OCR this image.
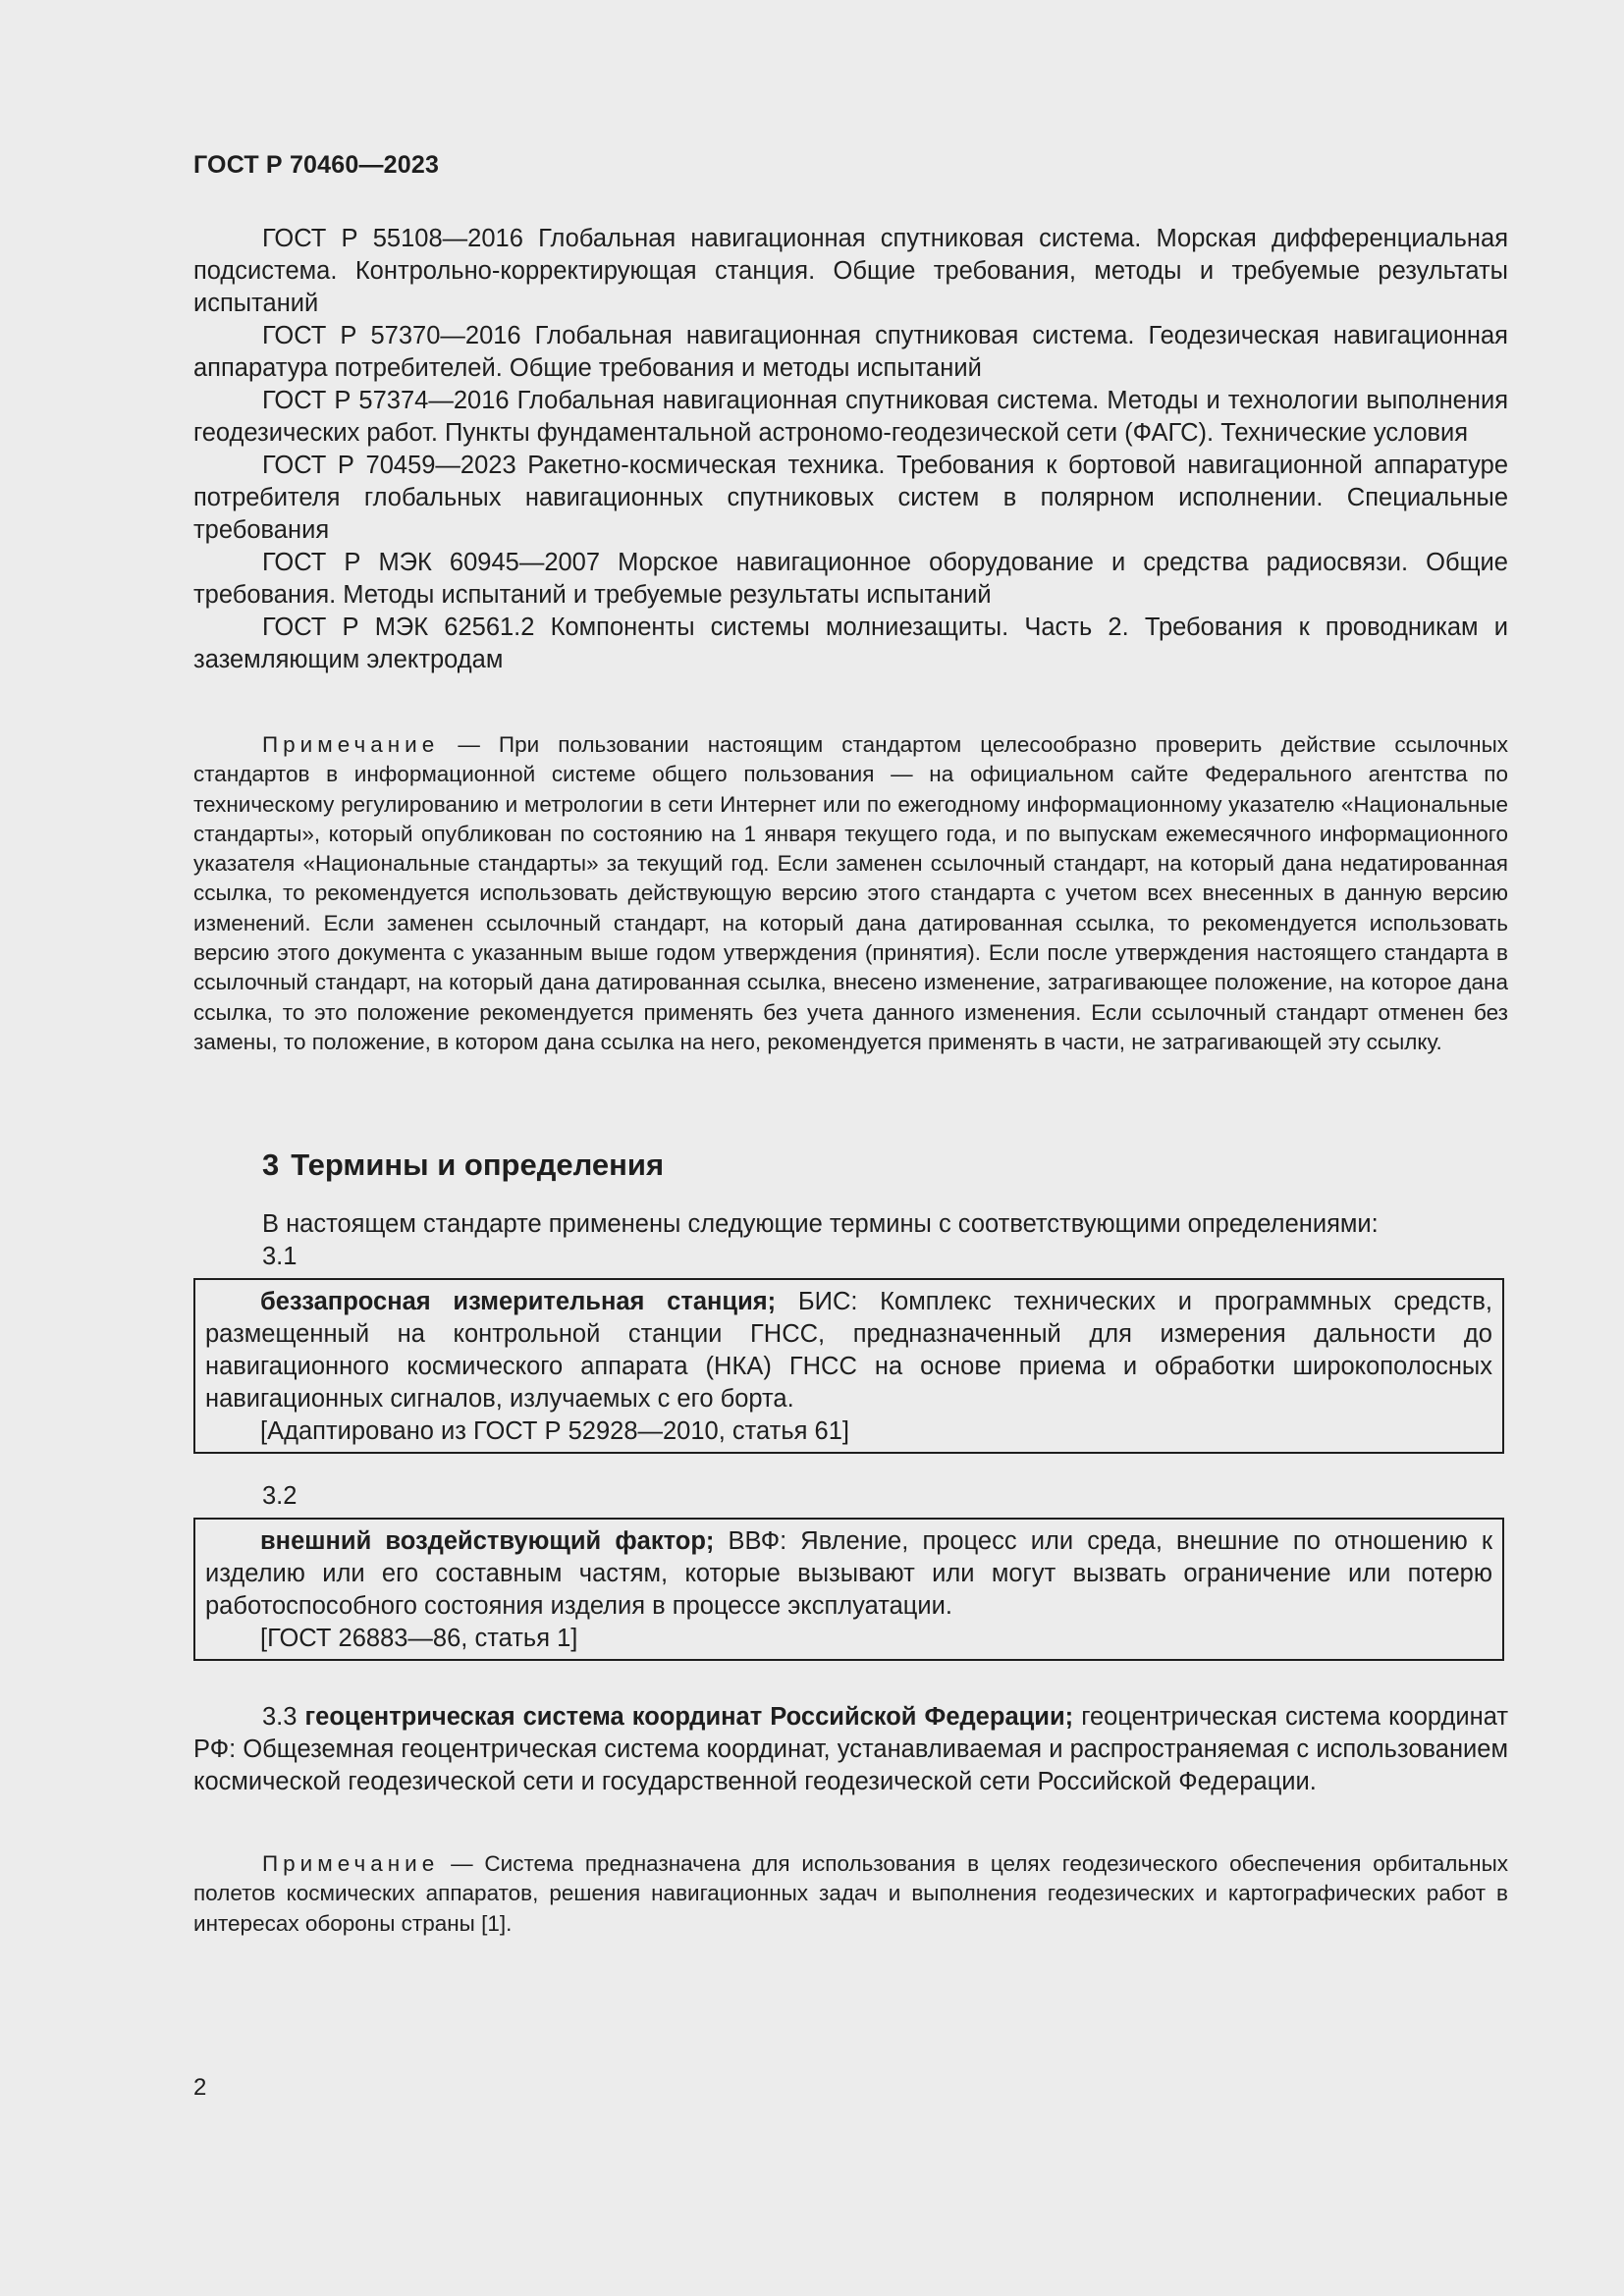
ГОСТ Р 70460—2023

ГОСТ Р 55108—2016 Глобальная навигационная спутниковая система. Морская дифференциальная подсистема. Контрольно-корректирующая станция. Общие требования, методы и требуемые результаты испытаний

ГОСТ Р 57370—2016 Глобальная навигационная спутниковая система. Геодезическая навигационная аппаратура потребителей. Общие требования и методы испытаний

ГОСТ Р 57374—2016 Глобальная навигационная спутниковая система. Методы и технологии выполнения геодезических работ. Пункты фундаментальной астрономо-геодезической сети (ФАГС). Технические условия

ГОСТ Р 70459—2023 Ракетно-космическая техника. Требования к бортовой навигационной аппаратуре потребителя глобальных навигационных спутниковых систем в полярном исполнении. Специальные требования

ГОСТ Р МЭК 60945—2007 Морское навигационное оборудование и средства радиосвязи. Общие требования. Методы испытаний и требуемые результаты испытаний

ГОСТ Р МЭК 62561.2 Компоненты системы молниезащиты. Часть 2. Требования к проводникам и заземляющим электродам

Примечание — При пользовании настоящим стандартом целесообразно проверить действие ссылочных стандартов в информационной системе общего пользования — на официальном сайте Федерального агентства по техническому регулированию и метрологии в сети Интернет или по ежегодному информационному указателю «Национальные стандарты», который опубликован по состоянию на 1 января текущего года, и по выпускам ежемесячного информационного указателя «Национальные стандарты» за текущий год. Если заменен ссылочный стандарт, на который дана недатированная ссылка, то рекомендуется использовать действующую версию этого стандарта с учетом всех внесенных в данную версию изменений. Если заменен ссылочный стандарт, на который дана датированная ссылка, то рекомендуется использовать версию этого документа с указанным выше годом утверждения (принятия). Если после утверждения настоящего стандарта в ссылочный стандарт, на который дана датированная ссылка, внесено изменение, затрагивающее положение, на которое дана ссылка, то это положение рекомендуется применять без учета данного изменения. Если ссылочный стандарт отменен без замены, то положение, в котором дана ссылка на него, рекомендуется применять в части, не затрагивающей эту ссылку.

3 Термины и определения

В настоящем стандарте применены следующие термины с соответствующими определениями:

3.1

беззапросная измерительная станция; БИС: Комплекс технических и программных средств, размещенный на контрольной станции ГНСС, предназначенный для измерения дальности до навигационного космического аппарата (НКА) ГНСС на основе приема и обработки широкополосных навигационных сигналов, излучаемых с его борта.

[Адаптировано из ГОСТ Р 52928—2010, статья 61]

3.2

внешний воздействующий фактор; ВВФ: Явление, процесс или среда, внешние по отношению к изделию или его составным частям, которые вызывают или могут вызвать ограничение или потерю работоспособного состояния изделия в процессе эксплуатации.

[ГОСТ 26883—86, статья 1]

3.3 геоцентрическая система координат Российской Федерации; геоцентрическая система координат РФ: Общеземная геоцентрическая система координат, устанавливаемая и распространяемая с использованием космической геодезической сети и государственной геодезической сети Российской Федерации.

Примечание — Система предназначена для использования в целях геодезического обеспечения орбитальных полетов космических аппаратов, решения навигационных задач и выполнения геодезических и картографических работ в интересах обороны страны [1].

2
